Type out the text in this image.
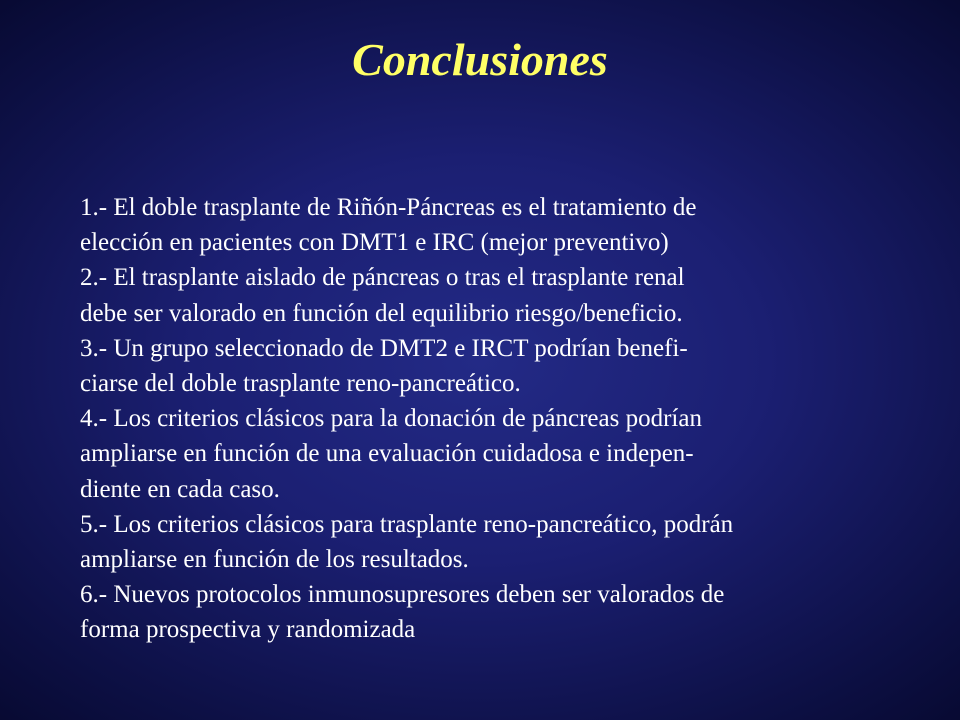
Conclusiones
1.- El doble trasplante de Riñón-Páncreas es el tratamiento de
elección en pacientes con DMT1 e IRC (mejor preventivo)
2.- El trasplante aislado de páncreas o tras el trasplante renal
debe ser valorado en función del equilibrio riesgo/beneficio.
3.- Un grupo seleccionado de DMT2 e IRCT podrían benefi-
ciarse del doble trasplante reno-pancreático.
4.- Los criterios clásicos para la donación de páncreas podrían
ampliarse en función de una evaluación cuidadosa e indepen-
diente en cada caso.
5.- Los criterios clásicos para trasplante reno-pancreático, podrán
ampliarse en función de los resultados.
6.- Nuevos protocolos inmunosupresores deben ser valorados de
forma prospectiva y randomizada
